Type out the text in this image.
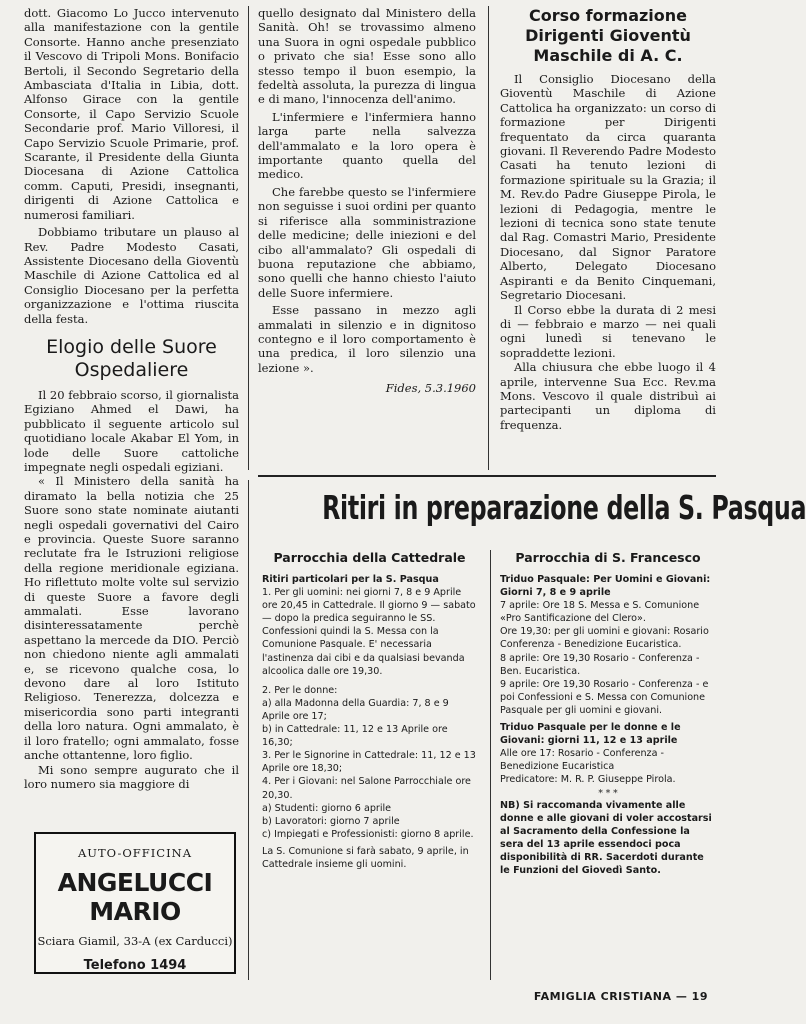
dott. Giacomo Lo Jucco intervenuto alla manifestazione con la gentile Consorte. Hanno anche presenziato il Vescovo di Tripoli Mons. Bonifacio Bertoli, il Secondo Segretario della Ambasciata d'Italia in Libia, dott. Alfonso Girace con la gentile Consorte, il Capo Servizio Scuole Secondarie prof. Mario Villoresi, il Capo Servizio Scuole Primarie, prof. Scarante, il Presidente della Giunta Diocesana di Azione Cattolica comm. Caputi, Presidi, insegnanti, dirigenti di Azione Cattolica e numerosi familiari.

Dobbiamo tributare un plauso al Rev. Padre Modesto Casati, Assistente Diocesano della Gioventù Maschile di Azione Cattolica ed al Consiglio Diocesano per la perfetta organizzazione e l'ottima riuscita della festa.

Elogio delle Suore Ospedaliere

Il 20 febbraio scorso, il giornalista Egiziano Ahmed el Dawi, ha pubblicato il seguente articolo sul quotidiano locale Akabar El Yom, in lode delle Suore cattoliche impegnate negli ospedali egiziani.

« Il Ministero della sanità ha diramato la bella notizia che 25 Suore sono state nominate aiutanti negli ospedali governativi del Cairo e provincia. Queste Suore saranno reclutate fra le Istruzioni religiose della regione meridionale egiziana. Ho riflettuto molte volte sul servizio di queste Suore a favore degli ammalati. Esse lavorano disinteressatamente perchè aspettano la mercede da DIO. Perciò non chiedono niente agli ammalati e, se ricevono qualche cosa, lo devono dare al loro Istituto Religioso. Tenerezza, dolcezza e misericordia sono parti integranti della loro natura. Ogni ammalato, è il loro fratello; ogni ammalato, fosse anche ottantenne, loro figlio.

Mi sono sempre augurato che il loro numero sia maggiore di

AUTO-OFFICINA
ANGELUCCI MARIO
Sciara Giamil, 33-A (ex Carducci)
Telefono 1494

quello designato dal Ministero della Sanità. Oh! se trovassimo almeno una Suora in ogni ospedale pubblico o privato che sia! Esse sono allo stesso tempo il buon esempio, la fedeltà assoluta, la purezza di lingua e di mano, l'innocenza dell'animo.

L'infermiere e l'infermiera hanno larga parte nella salvezza dell'ammalato e la loro opera è importante quanto quella del medico.

Che farebbe questo se l'infermiere non seguisse i suoi ordini per quanto si riferisce alla somministrazione delle medicine; delle iniezioni e del cibo all'ammalato? Gli ospedali di buona reputazione che abbiamo, sono quelli che hanno chiesto l'aiuto delle Suore infermiere.

Esse passano in mezzo agli ammalati in silenzio e in dignitoso contegno e il loro comportamento è una predica, il loro silenzio una lezione ».

Fides, 5.3.1960
Corso formazione Dirigenti Gioventù Maschile di A. C.

Il Consiglio Diocesano della Gioventù Maschile di Azione Cattolica ha organizzato: un corso di formazione per Dirigenti frequentato da circa quaranta giovani. Il Reverendo Padre Modesto Casati ha tenuto lezioni di formazione spirituale su la Grazia; il M. Rev.do Padre Giuseppe Pirola, le lezioni di Pedagogia, mentre le lezioni di tecnica sono state tenute dal Rag. Comastri Mario, Presidente Diocesano, dal Signor Paratore Alberto, Delegato Diocesano Aspiranti e da Benito Cinquemani, Segretario Diocesani.

Il Corso ebbe la durata di 2 mesi di — febbraio e marzo — nei quali ogni lunedì si tenevano le sopraddette lezioni.

Alla chiusura che ebbe luogo il 4 aprile, intervenne Sua Ecc. Rev.ma Mons. Vescovo il quale distribuì ai partecipanti un diploma di frequenza.

Ritiri in preparazione della S. Pasqua
Parrocchia della Cattedrale

Ritiri particolari per la S. Pasqua

1. Per gli uomini: nei giorni 7, 8 e 9 Aprile ore 20,45 in Cattedrale. Il giorno 9 — sabato — dopo la predica seguiranno le SS. Confessioni quindi la S. Messa con la Comunione Pasquale. E' necessaria l'astinenza dai cibi e da qualsiasi bevanda alcoolica dalle ore 19,30.

2. Per le donne:

a) alla Madonna della Guardia: 7, 8 e 9 Aprile ore 17;

b) in Cattedrale: 11, 12 e 13 Aprile ore 16,30;

3. Per le Signorine in Cattedrale: 11, 12 e 13 Aprile ore 18,30;

4. Per i Giovani: nel Salone Parrocchiale ore 20,30.

a) Studenti: giorno 6 aprile

b) Lavoratori: giorno 7 aprile

c) Impiegati e Professionisti: giorno 8 aprile.

La S. Comunione si farà sabato, 9 aprile, in Cattedrale insieme gli uomini.

Parrocchia di S. Francesco

Triduo Pasquale: Per Uomini e Giovani: Giorni 7, 8 e 9 aprile

7 aprile: Ore 18 S. Messa e S. Comunione «Pro Santificazione del Clero».

Ore 19,30: per gli uomini e giovani: Rosario Conferenza - Benedizione Eucaristica.

8 aprile: Ore 19,30 Rosario - Conferenza - Ben. Eucaristica.

9 aprile: Ore 19,30 Rosario - Conferenza - e poi Confessioni e S. Messa con Comunione Pasquale per gli uomini e giovani.

Triduo Pasquale per le donne e le Giovani: giorni 11, 12 e 13 aprile

Alle ore 17: Rosario - Conferenza - Benedizione Eucaristica

Predicatore: M. R. P. Giuseppe Pirola.

* * *

NB) Si raccomanda vivamente alle donne e alle giovani di voler accostarsi al Sacramento della Confessione la sera del 13 aprile essendoci poca disponibilità di RR. Sacerdoti durante le Funzioni del Giovedì Santo.

FAMIGLIA CRISTIANA — 19
